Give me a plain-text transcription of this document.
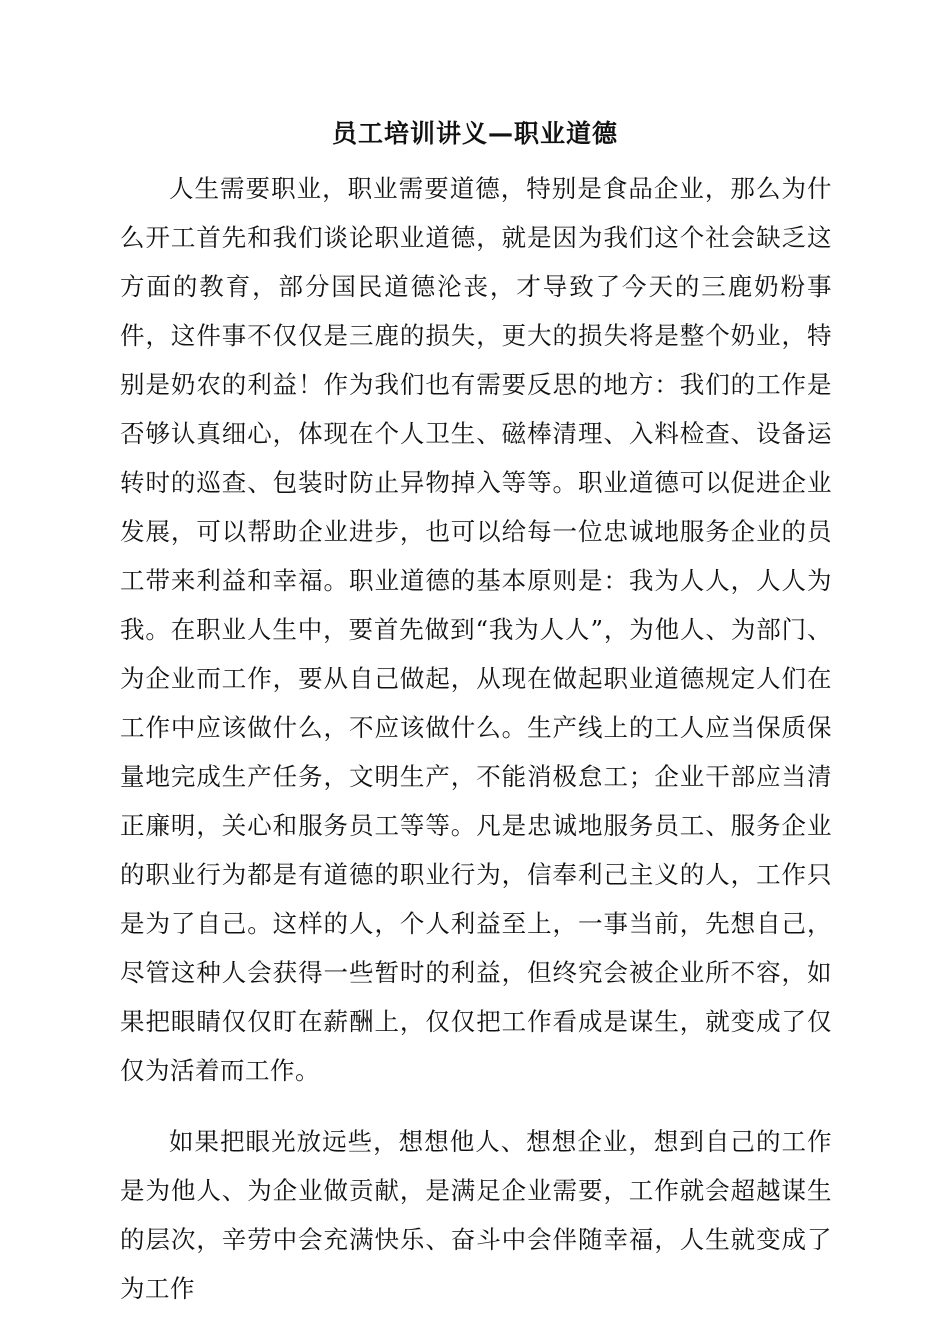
员工培训讲义—职业道德

人生需要职业，职业需要道德，特别是食品企业，那么为什么开工首先和我们谈论职业道德，就是因为我们这个社会缺乏这方面的教育，部分国民道德沦丧，才导致了今天的三鹿奶粉事件，这件事不仅仅是三鹿的损失，更大的损失将是整个奶业，特别是奶农的利益！作为我们也有需要反思的地方：我们的工作是否够认真细心，体现在个人卫生、磁棒清理、入料检查、设备运转时的巡查、包装时防止异物掉入等等。职业道德可以促进企业发展，可以帮助企业进步，也可以给每一位忠诚地服务企业的员工带来利益和幸福。职业道德的基本原则是：我为人人，人人为我。在职业人生中，要首先做到“我为人人”，为他人、为部门、为企业而工作，要从自己做起，从现在做起职业道德规定人们在工作中应该做什么，不应该做什么。生产线上的工人应当保质保量地完成生产任务，文明生产，不能消极怠工；企业干部应当清正廉明，关心和服务员工等等。凡是忠诚地服务员工、服务企业的职业行为都是有道德的职业行为，信奉利己主义的人，工作只是为了自己。这样的人，个人利益至上，一事当前，先想自己，尽管这种人会获得一些暂时的利益，但终究会被企业所不容，如果把眼睛仅仅盯在薪酬上，仅仅把工作看成是谋生，就变成了仅仅为活着而工作。

如果把眼光放远些，想想他人、想想企业，想到自己的工作是为他人、为企业做贡献，是满足企业需要，工作就会超越谋生的层次，辛劳中会充满快乐、奋斗中会伴随幸福，人生就变成了为工作
